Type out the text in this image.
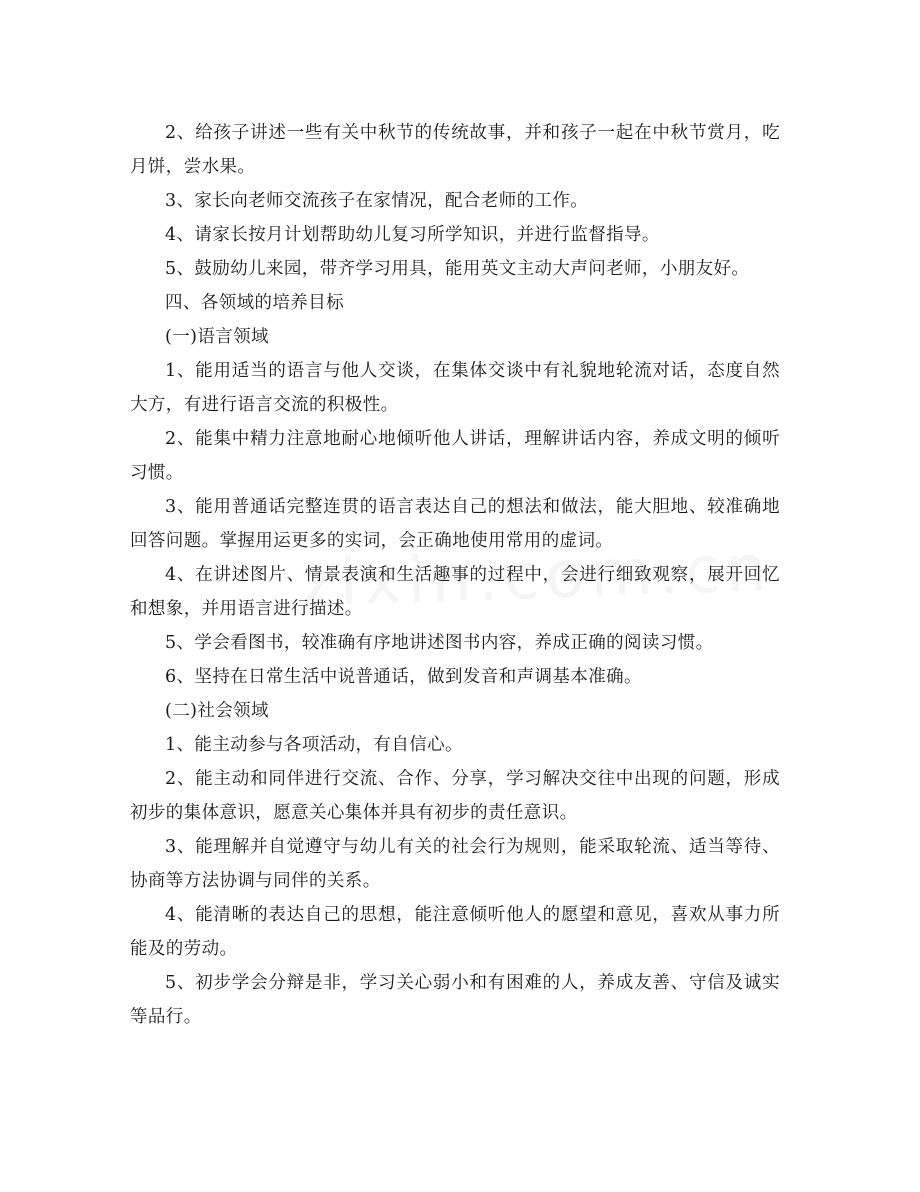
2、给孩子讲述一些有关中秋节的传统故事，并和孩子一起在中秋节赏月，吃月饼，尝水果。

3、家长向老师交流孩子在家情况，配合老师的工作。

4、请家长按月计划帮助幼儿复习所学知识，并进行监督指导。

5、鼓励幼儿来园，带齐学习用具，能用英文主动大声问老师，小朋友好。

四、各领域的培养目标

(一)语言领域

1、能用适当的语言与他人交谈，在集体交谈中有礼貌地轮流对话，态度自然大方，有进行语言交流的积极性。

2、能集中精力注意地耐心地倾听他人讲话，理解讲话内容，养成文明的倾听习惯。

3、能用普通话完整连贯的语言表达自己的想法和做法，能大胆地、较准确地回答问题。掌握用运更多的实词，会正确地使用常用的虚词。

4、在讲述图片、情景表演和生活趣事的过程中，会进行细致观察，展开回忆和想象，并用语言进行描述。

5、学会看图书，较准确有序地讲述图书内容，养成正确的阅读习惯。

6、坚持在日常生活中说普通话，做到发音和声调基本准确。

(二)社会领域

1、能主动参与各项活动，有自信心。

2、能主动和同伴进行交流、合作、分享，学习解决交往中出现的问题，形成初步的集体意识，愿意关心集体并具有初步的责任意识。

3、能理解并自觉遵守与幼儿有关的社会行为规则，能采取轮流、适当等待、协商等方法协调与同伴的关系。

4、能清晰的表达自己的思想，能注意倾听他人的愿望和意见，喜欢从事力所能及的劳动。

5、初步学会分辩是非，学习关心弱小和有困难的人，养成友善、守信及诚实等品行。
